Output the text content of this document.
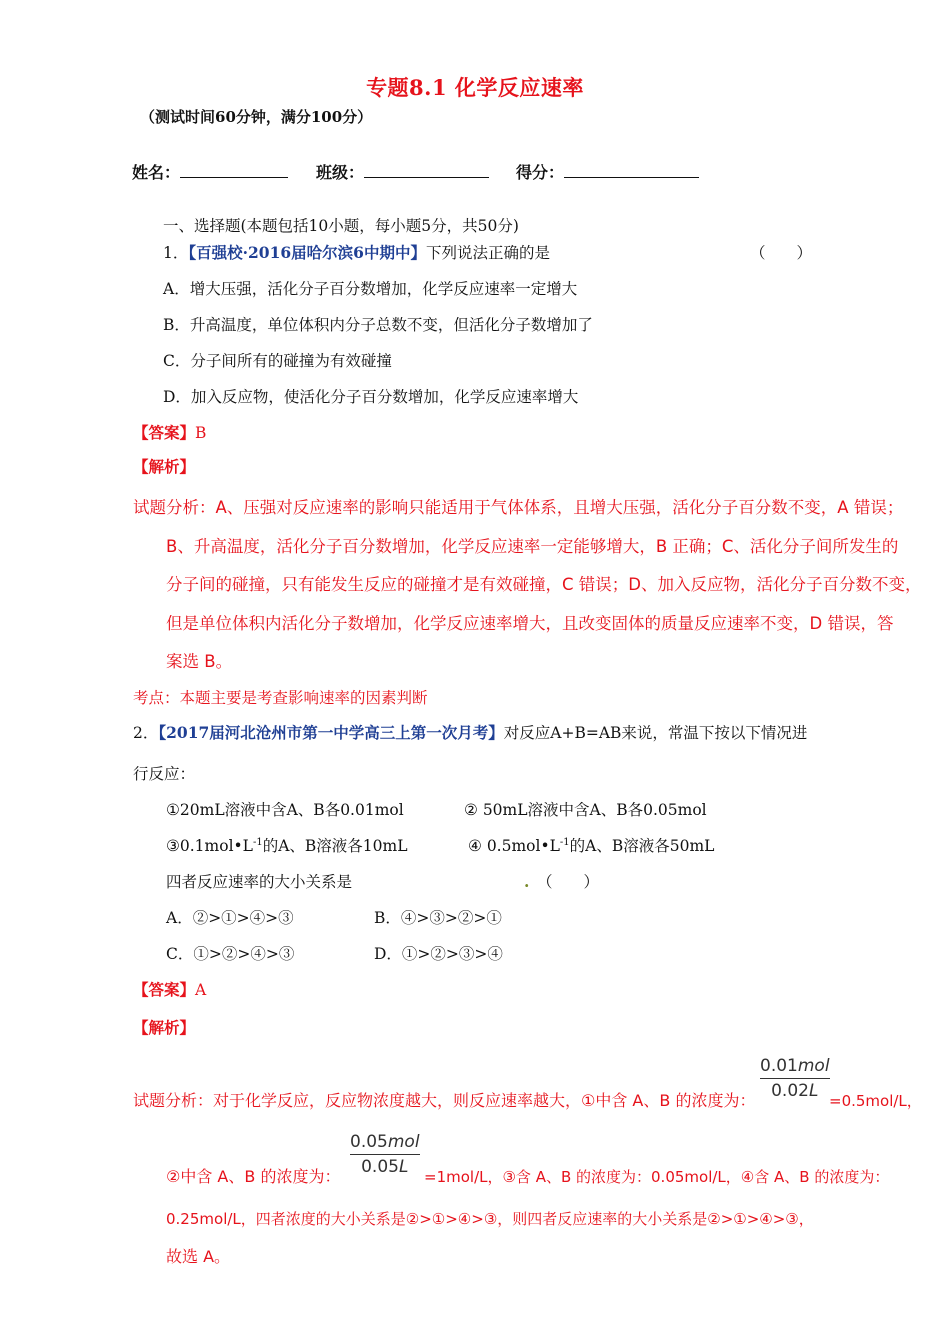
专题8.1 化学反应速率
（测试时间60分钟，满分100分）
姓名：	班级：	得分：
一、选择题(本题包括10小题，每小题5分，共50分)
1．【百强校·2016届哈尔滨6中期中】下列说法正确的是	（　　）
A．增大压强，活化分子百分数增加，化学反应速率一定增大
B．升高温度，单位体积内分子总数不变，但活化分子数增加了
C．分子间所有的碰撞为有效碰撞
D．加入反应物，使活化分子百分数增加，化学反应速率增大
【答案】B
【解析】
试题分析：A、压强对反应速率的影响只能适用于气体体系，且增大压强，活化分子百分数不变，A 错误；
B、升高温度，活化分子百分数增加，化学反应速率一定能够增大，B 正确；C、活化分子间所发生的
分子间的碰撞，只有能发生反应的碰撞才是有效碰撞，C 错误；D、加入反应物，活化分子百分数不变，
但是单位体积内活化分子数增加，化学反应速率增大，且改变固体的质量反应速率不变，D 错误，答
案选 B。
考点：本题主要是考查影响速率的因素判断
2．【2017届河北沧州市第一中学高三上第一次月考】对反应A+B=AB来说，常温下按以下情况进
行反应：
①20mL溶液中含A、B各0.01mol	② 50mL溶液中含A、B各0.05mol
$③0.1mol•L^{-1}$的A、B溶液各10mL	④ $0.5mol•L^{-1}$的A、B溶液各50mL
四者反应速率的大小关系是	. （　　）
A．②>①>④>③	B．④>③>②>①
C．①>②>④>③	D．①>②>③>④
【答案】A
【解析】
0.01mol
0.02L
试题分析：对于化学反应，反应物浓度越大，则反应速率越大，①中含 A、B 的浓度为：	=0.5mol/L，
0.05mol
0.05L
②中含 A、B 的浓度为：	=1mol/L，③含 A、B 的浓度为：0.05mol/L，④含 A、B 的浓度为：
0.25mol/L，四者浓度的大小关系是②>①>④>③，则四者反应速率的大小关系是②>①>④>③，
故选 A。
